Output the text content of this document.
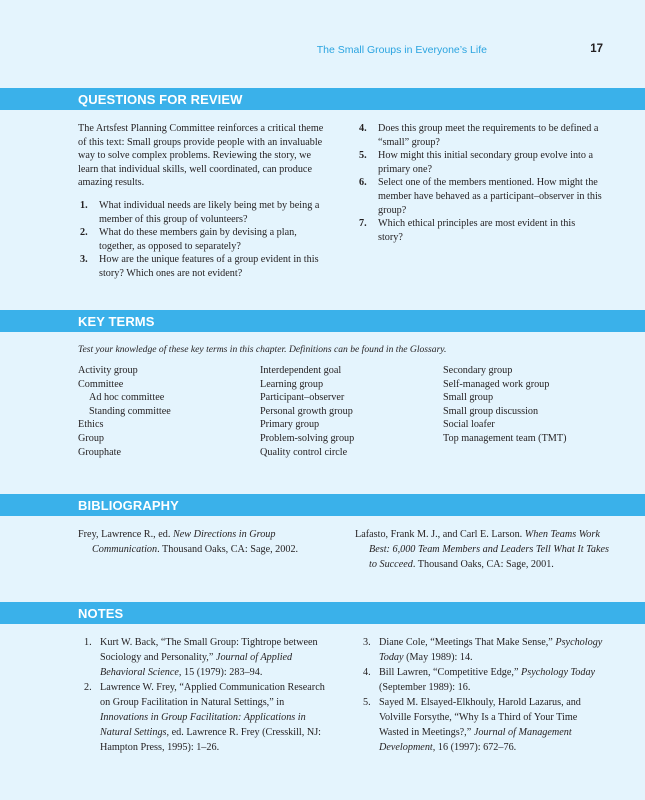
The Small Groups in Everyone’s Life	17
QUESTIONS FOR REVIEW

The Artsfest Planning Committee reinforces a critical theme of this text: Small groups provide people with an invaluable way to solve complex problems. Reviewing the story, we learn that individual skills, well coordinated, can produce amazing results.

1. What individual needs are likely being met by being a member of this group of volunteers?
2. What do these members gain by devising a plan, together, as opposed to separately?
3. How are the unique features of a group evident in this story? Which ones are not evident?
4. Does this group meet the requirements to be defined a “small” group?
5. How might this initial secondary group evolve into a primary one?
6. Select one of the members mentioned. How might the member have behaved as a participant–observer in this group?
7. Which ethical principles are most evident in this story?
KEY TERMS

Test your knowledge of these key terms in this chapter. Definitions can be found in the Glossary.

Activity group
Committee
Ad hoc committee
Standing committee
Ethics
Group
Grouphate
Interdependent goal
Learning group
Participant–observer
Personal growth group
Primary group
Problem-solving group
Quality control circle
Secondary group
Self-managed work group
Small group
Small group discussion
Social loafer
Top management team (TMT)
BIBLIOGRAPHY

Frey, Lawrence R., ed. New Directions in Group Communication. Thousand Oaks, CA: Sage, 2002.

Lafasto, Frank M. J., and Carl E. Larson. When Teams Work Best: 6,000 Team Members and Leaders Tell What It Takes to Succeed. Thousand Oaks, CA: Sage, 2001.

NOTES

1. Kurt W. Back, “The Small Group: Tightrope between Sociology and Personality,” Journal of Applied Behavioral Science, 15 (1979): 283–94.

2. Lawrence W. Frey, “Applied Communication Research on Group Facilitation in Natural Settings,” in Innovations in Group Facilitation: Applications in Natural Settings, ed. Lawrence R. Frey (Cresskill, NJ: Hampton Press, 1995): 1–26.

3. Diane Cole, “Meetings That Make Sense,” Psychology Today (May 1989): 14.

4. Bill Lawren, “Competitive Edge,” Psychology Today (September 1989): 16.

5. Sayed M. Elsayed-Elkhouly, Harold Lazarus, and Volville Forsythe, “Why Is a Third of Your Time Wasted in Meetings?,” Journal of Management Development, 16 (1997): 672–76.
